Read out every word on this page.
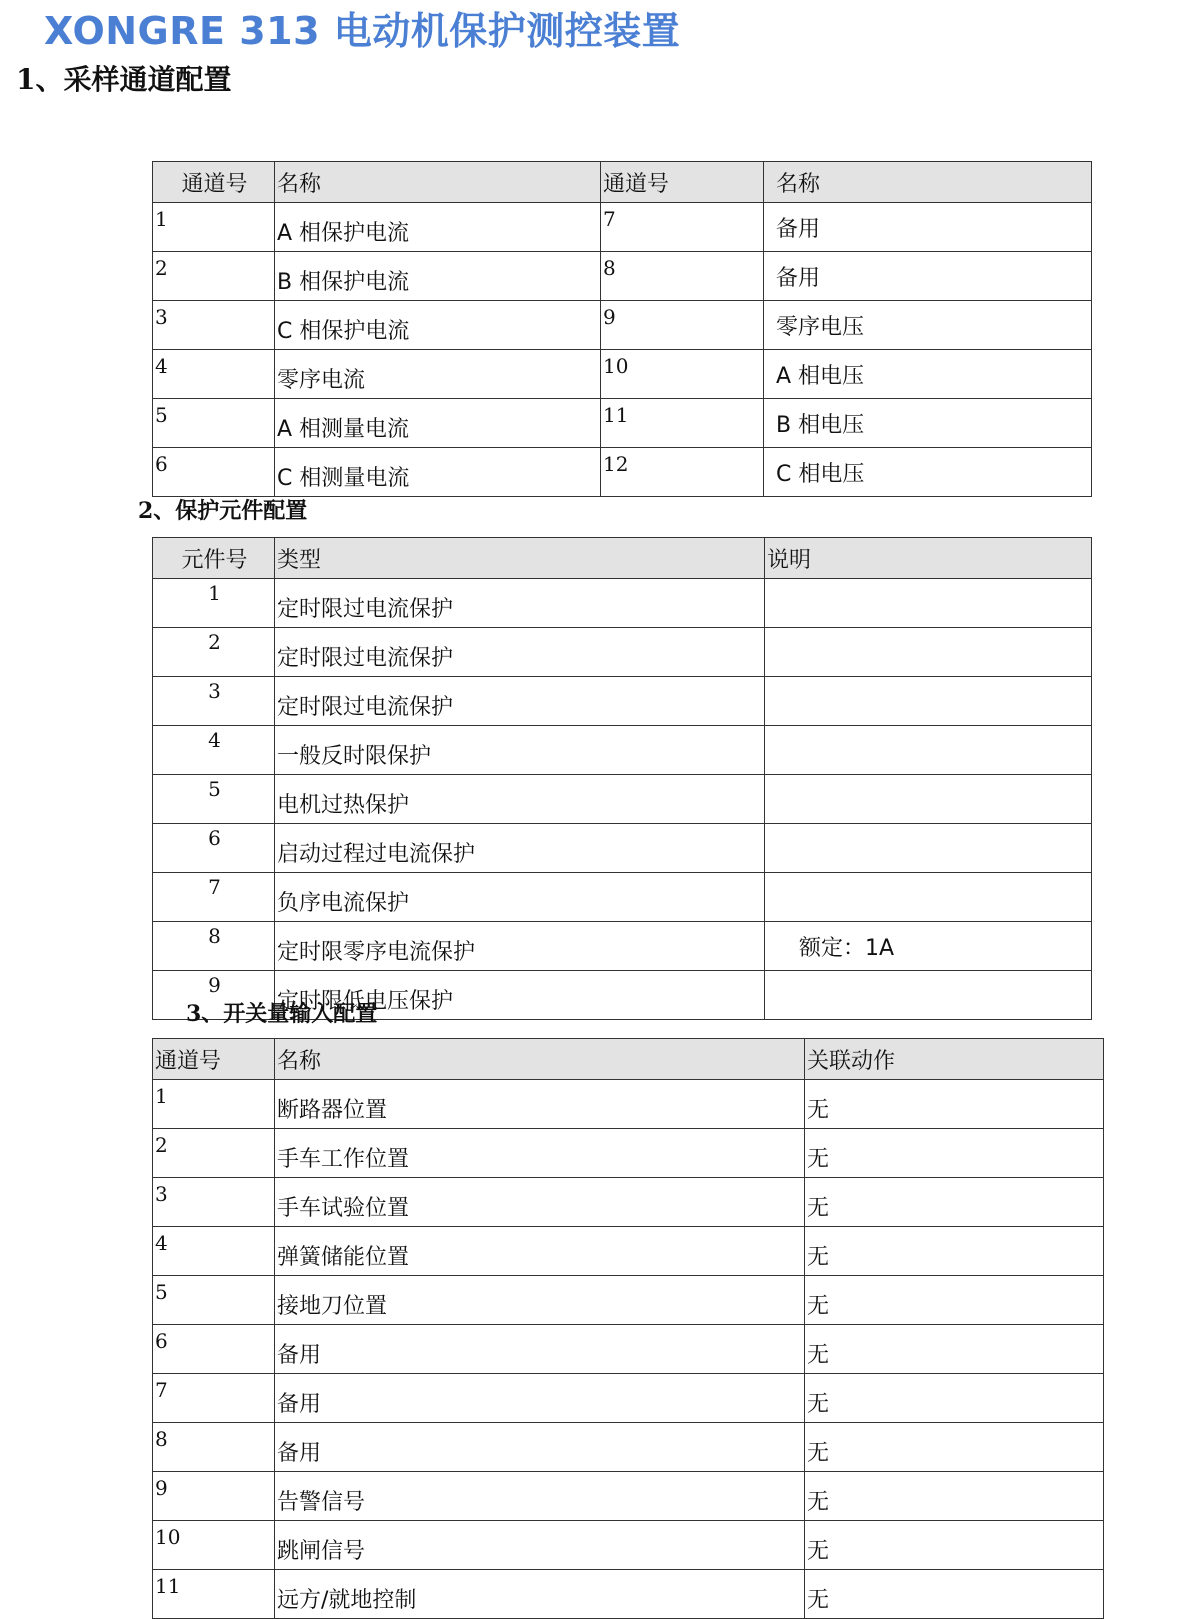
XONGRE 313 电动机保护测控装置
1、采样通道配置
通道号	名称	通道号	名称
1	A 相保护电流	7	备用
2	B 相保护电流	8	备用
3	C 相保护电流	9	零序电压
4	零序电流	10	A 相电压
5	A 相测量电流	11	B 相电压
6	C 相测量电流	12	C 相电压
2、保护元件配置
元件号	类型	说明
1	定时限过电流保护	
2	定时限过电流保护	
3	定时限过电流保护	
4	一般反时限保护	
5	电机过热保护	
6	启动过程过电流保护	
7	负序电流保护	
8	定时限零序电流保护	额定：1A
9	定时限低电压保护	
3、开关量输入配置
通道号	名称	关联动作
1	断路器位置	无
2	手车工作位置	无
3	手车试验位置	无
4	弹簧储能位置	无
5	接地刀位置	无
6	备用	无
7	备用	无
8	备用	无
9	告警信号	无
10	跳闸信号	无
11	远方/就地控制	无
